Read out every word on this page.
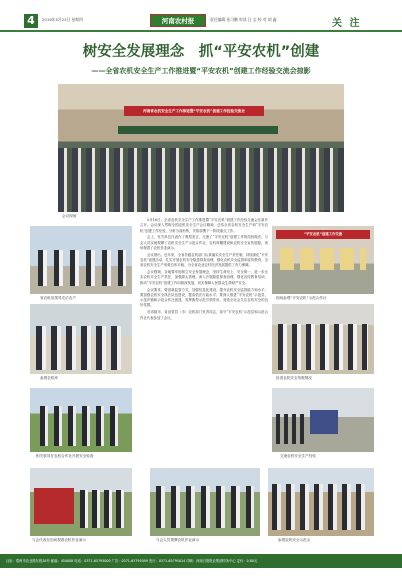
4	2019年5月23日 星期四	河南农村报	责任编辑 张可鹏 审读 汪 宝 校 对 胡 鑫	关 注
树安全发展理念　抓“平安农机”创建
——全省农机安全生产工作推进暨“平安农机”创建工作经验交流会掠影
河南省农机安全生产工作推进暨“平安农机”创建工作经验交流会
会议现场
省农机局领导走访农户
参观农机库
相关领导在农机合作社开展安全检查
与会代表在田间观看农机作业演示

5月16日，全省农机安全生产工作推进暨“平安农机”创建工作经验交流会在新乡召开。会议深入贯彻全国农机安全生产会议精神，总结全省农机安全生产和“平安农机”创建工作经验，分析当前形势，安排部署下一阶段重点工作。

会上，有关单位代表作了典型发言，交流了“平安农机”创建工作的经验做法。与会人员实地观摩了农机安全生产示范合作社、农机库棚建设和农机安全宣传展板，现场观看了农机作业演示。

会议指出，近年来，全省各级农机部门认真落实安全生产责任制，持续深化“平安农机”创建活动，扎实开展农机安全隐患排查治理，强化农机安全监管和宣传教育，全省农机安全生产形势总体平稳，为全省农业农村经济发展提供了有力保障。

会议强调，各地要牢固树立安全发展理念，坚持生命至上、安全第一，进一步压实农机安全生产责任，加强源头管理，深入开展隐患排查治理，强化宣传教育培训，推动“平安农机”创建工作向纵深发展，切实保障人民群众生命财产安全。

会议要求，要创新监管方式，加强信息化建设，提升农机安全监管能力和水平；要加强农机安全执法队伍建设，提高依法行政水平；要深入推进“平安农机”示范县、示范乡镇和示范合作社创建，发挥典型示范引领作用，营造全社会关注农机安全的良好氛围。

各省辖市、省直管县（市）农机部门负责同志，部分“平安农机”示范县和示范合作社代表参加了会议。

“平安农机”创建工作交流
现场参观“平安农机”示范合作社
检查农机安全驾驶情况
交流农机安全生产经验
与会人员观摩农机作业演示	参观农机安全示范点
社址：郑州市农业路东段28号 邮编：450008 电话：0371-65795000 广告：0371-65795099 发行：0371-65795014 印刷：河南日报报业集团印务中心 定价：0.80元
